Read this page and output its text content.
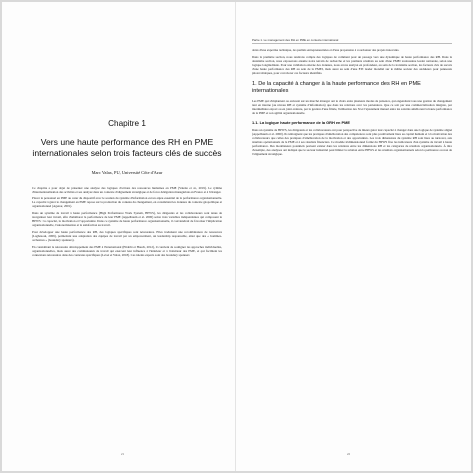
Chapitre 1
Vers une haute performance des RH en PME internationales selon trois facteurs clés de succès
Marc Valax, PU, Université Côte d'Azur

Ce chapitre a pour objet de présenter une analyse des logiques d'actions des ressources humaines en PME (Valette et al., 2019). Le rythme d'internationalisation des activités et ses analysé dans un contexte d'alignement stratégique et de force délégation managériale en France et à l'étranger.

Placer le personnel en PME au cœur du dispositif avec le soutien du système d'information est un enjeu essentiel de la performance organisationnelle. La capacité à gérer le changement en PME repose sur la production du contenu du changement, en considérant les données du contexte géopolitique et organisationnel (Agenor, 2001).

Dans un système de travail à haute performance (High Performance Work System, HPWS), les dirigeants et les collaborateurs sont tenus de réorganiser leur travail, afin d'améliorer la performance de leur PME (Appelbaum et al. 2000) selon trois variables indépendantes qui composent le HPWS : la capacité, la motivation et l'opportunité. Dans ce système de haute performance organisationnelle, il conviendrait de favoriser l'implication organisationnelle, l'autonomisation et la satisfaction au travail.

Pour développer une haute performance des RH, des logiques spécifiques sont nécessaires. Elles traduisent une recombinaison de ressources (Laghzaoui, 2009), permettant une adaptation des équipes de travail par un empowerment, un leadership responsable, ainsi que des « hommes-orchestres » (boundary spanners).

En considérant le nécessaire développement des PME à l'international (Eliabbi et Hauch, 2012), il convient de souligner les approches individuelles, organisationnelles, mais aussi des communautés de travail qui exercent leur influence à l'intérieur et à l'extérieur des PME, et qui facilitent les connexions nécessaires dans des contextes spécifiques (Levet et Valax, 2018). Ces talents experts sont des boundary spanners

21
Partie 1. Le management des RH en PME en contexte international

dotés d'une expertise technique, de qualités entrepreneuriales et d'une propension à coordonner des projets innovants.

Dans la première section, nous rendrons compte des logiques de comment pour un passage vers une dynamique de haute performance des RH. Dans la deuxième section, nous exposerons ensuite notre terrain de recherche et les premiers résultats au sein d'une PMEI toulousaine leader nationale, selon une logique longitudinale. Pour une validation externe des données, nous avons analysé en profondeur, au sein de la troisième section, les facteurs clés de succès d'une haute performance des RH au sein de la PMEI, mais aussi au sein d'une ETI leader mondial sur le même secteur des onduleurs pour panneaux photovoltaïques, pour corroborer ces facteurs identifiés.

1. De la capacité à changer à la haute performance des RH en PME internationales

Les PME qui s'implantent ou œuvrent sur un marché étranger ont le choix entre plusieurs modes de présence, qui engendrent tous une gestion du changement tant en interne (au niveau RH et système d'information) que dans les relations avec les partenaires. Que ce soit par une commercialisation intégrée, par intermédiaire export ou en joint-venture, par la gestion d'une filiale, l'utilisation des SI et l'ajustement mutuel entre les salariés améliorent la haute performance de la PME et son agilité organisationnelle.

1.1. La logique haute performance de la GRH en PME

Dans un système de HPWS, les dirigeants et les collaborateurs ont pour perspective de mieux gérer leur capacité à changer dans une logique de système aligné (Appelbaum et al. 2000). Ils témoignent que les pratiques d'amélioration des compétences sont plus positivement liées au capital humain et à la motivation des collaborateurs que celles des pratiques d'amélioration de la motivation et des opportunités. Les trois dimensions du système RH sont liées au turnover, aux résultats opérationnels de la PME et à ses résultats financiers. Ce modèle tridimensionnel formé du HPWS fixe les indicateurs d'un système de travail à haute performance. Des modérateurs potentiels peuvent exister dans les relations entre les dimensions RH et les catégories de résultats organisationnels. À titre d'exemple, des analyses ont indiqué que le secteur industriel peut limiter la relation entre HPWS et les résultats organisationnels selon la pertinence ou non de l'alignement stratégique.

22
